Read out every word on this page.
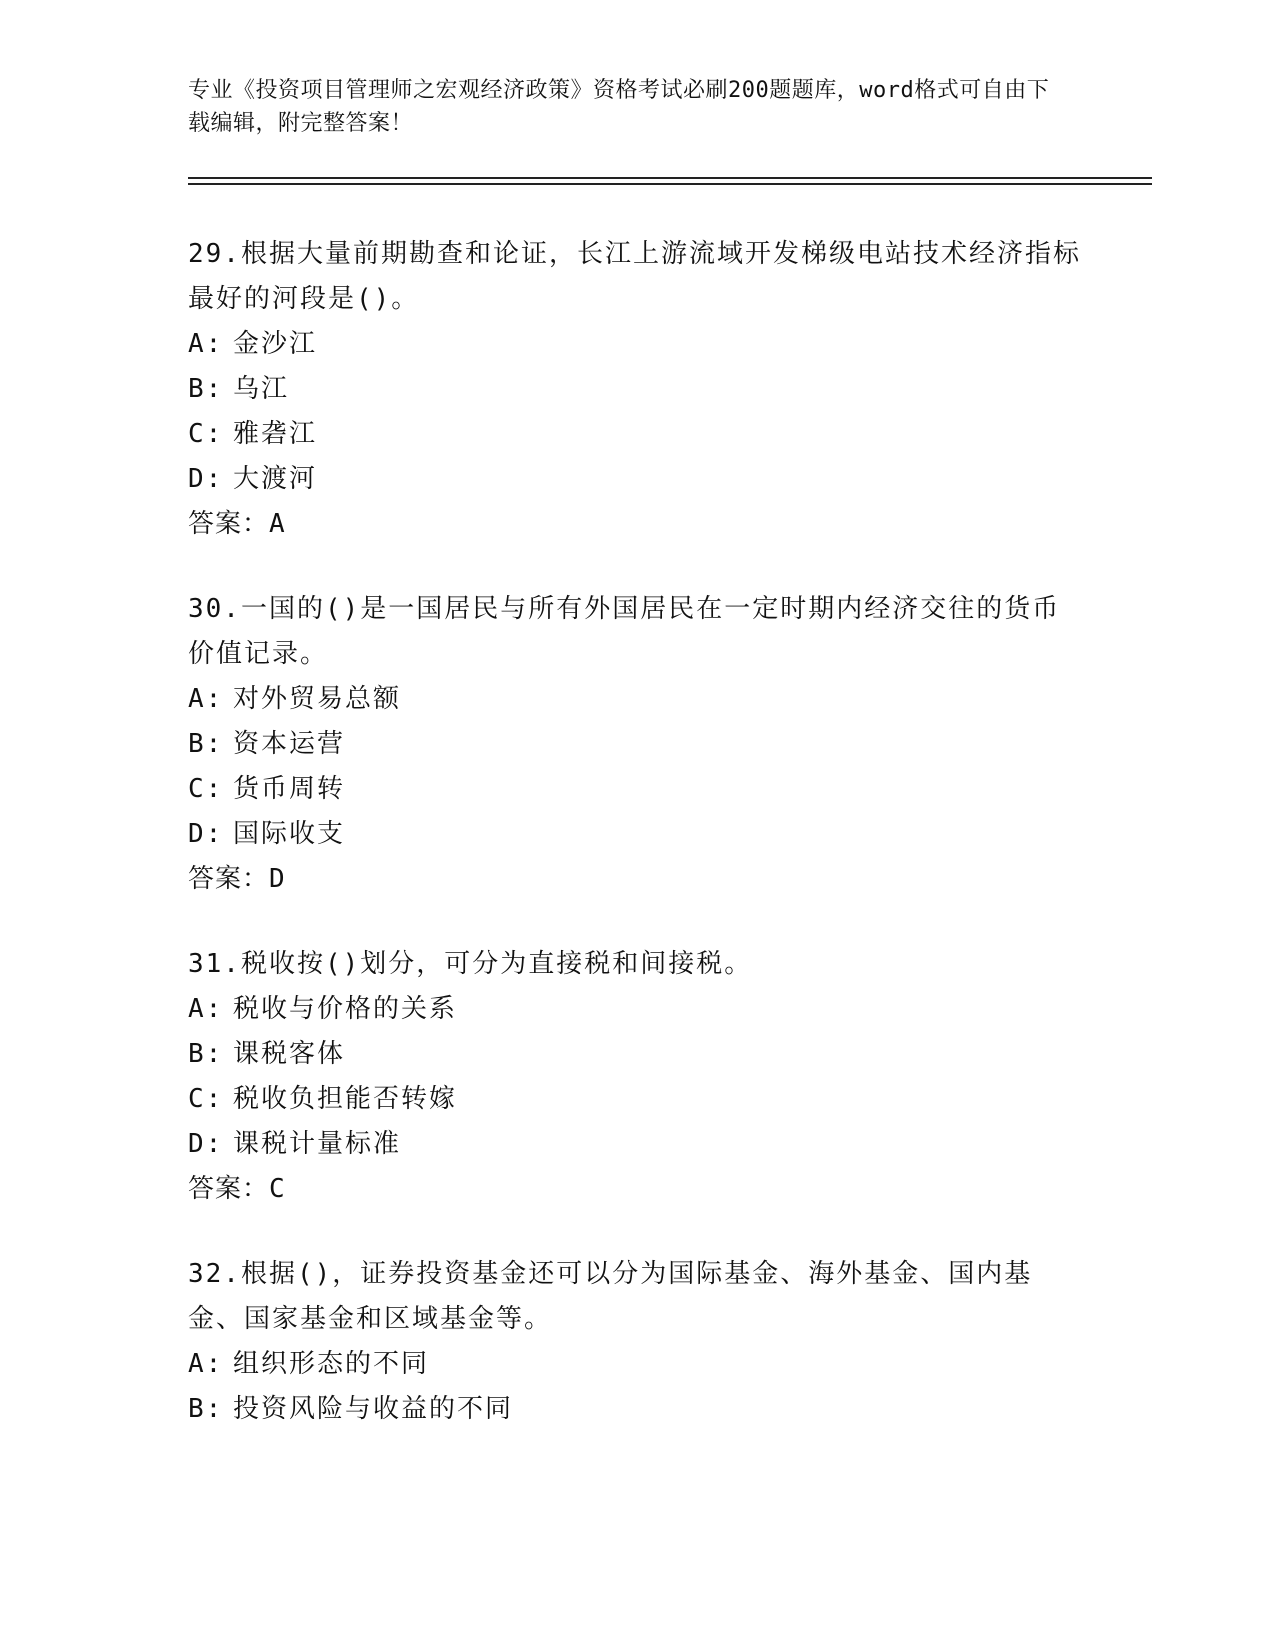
专业《投资项目管理师之宏观经济政策》资格考试必刷200题题库，word格式可自由下载编辑，附完整答案！
29.根据大量前期勘查和论证，长江上游流域开发梯级电站技术经济指标最好的河段是()。
A: 金沙江
B: 乌江
C: 雅砻江
D: 大渡河
答案：A
30.一国的()是一国居民与所有外国居民在一定时期内经济交往的货币价值记录。
A: 对外贸易总额
B: 资本运营
C: 货币周转
D: 国际收支
答案：D
31.税收按()划分，可分为直接税和间接税。
A: 税收与价格的关系
B: 课税客体
C: 税收负担能否转嫁
D: 课税计量标准
答案：C
32.根据()，证券投资基金还可以分为国际基金、海外基金、国内基金、国家基金和区域基金等。
A: 组织形态的不同
B: 投资风险与收益的不同
